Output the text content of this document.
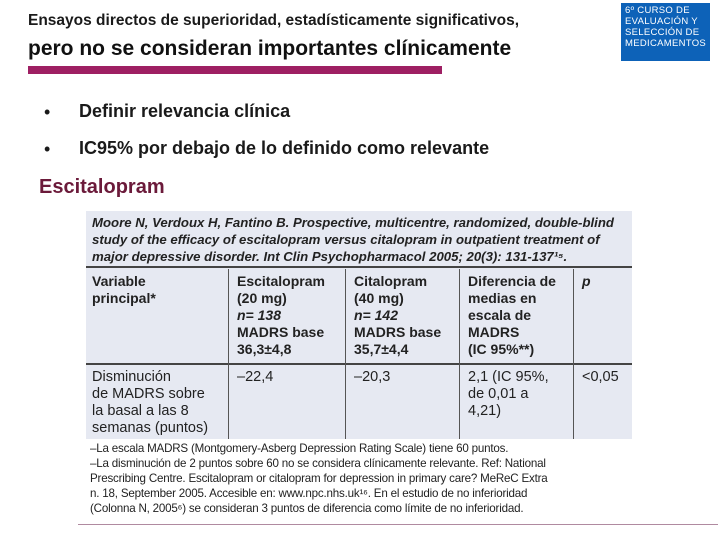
Ensayos directos de superioridad, estadísticamente significativos,
pero no se consideran importantes clínicamente
6º CURSO DE
EVALUACIÓN Y
SELECCIÓN DE
MEDICAMENTOS
• Definir relevancia clínica
• IC95% por debajo de lo definido como relevante
Escitalopram
Moore N, Verdoux H, Fantino B. Prospective, multicentre, randomized, double-blind
study of the efficacy of escitalopram versus citalopram in outpatient treatment of
major depressive disorder. Int Clin Psychopharmacol 2005; 20(3): 131-137¹⁵.
Variable
principal*
Escitalopram
(20 mg)
n= 138
MADRS base
36,3±4,8
Citalopram
(40 mg)
n= 142
MADRS base
35,7±4,4
Diferencia de
medias en
escala de
MADRS
(IC 95%**)
p
Disminución
de MADRS sobre
la basal a las 8
semanas (puntos)
–22,4	–20,3	2,1 (IC 95%,
de 0,01 a
4,21)
<0,05
–La escala MADRS (Montgomery-Asberg Depression Rating Scale) tiene 60 puntos.
–La disminución de 2 puntos sobre 60 no se considera clínicamente relevante. Ref: National
Prescribing Centre. Escitalopram or citalopram for depression in primary care? MeReC Extra
n. 18, September 2005. Accesible en: www.npc.nhs.uk¹⁶. En el estudio de no inferioridad
(Colonna N, 2005⁶) se consideran 3 puntos de diferencia como límite de no inferioridad.
